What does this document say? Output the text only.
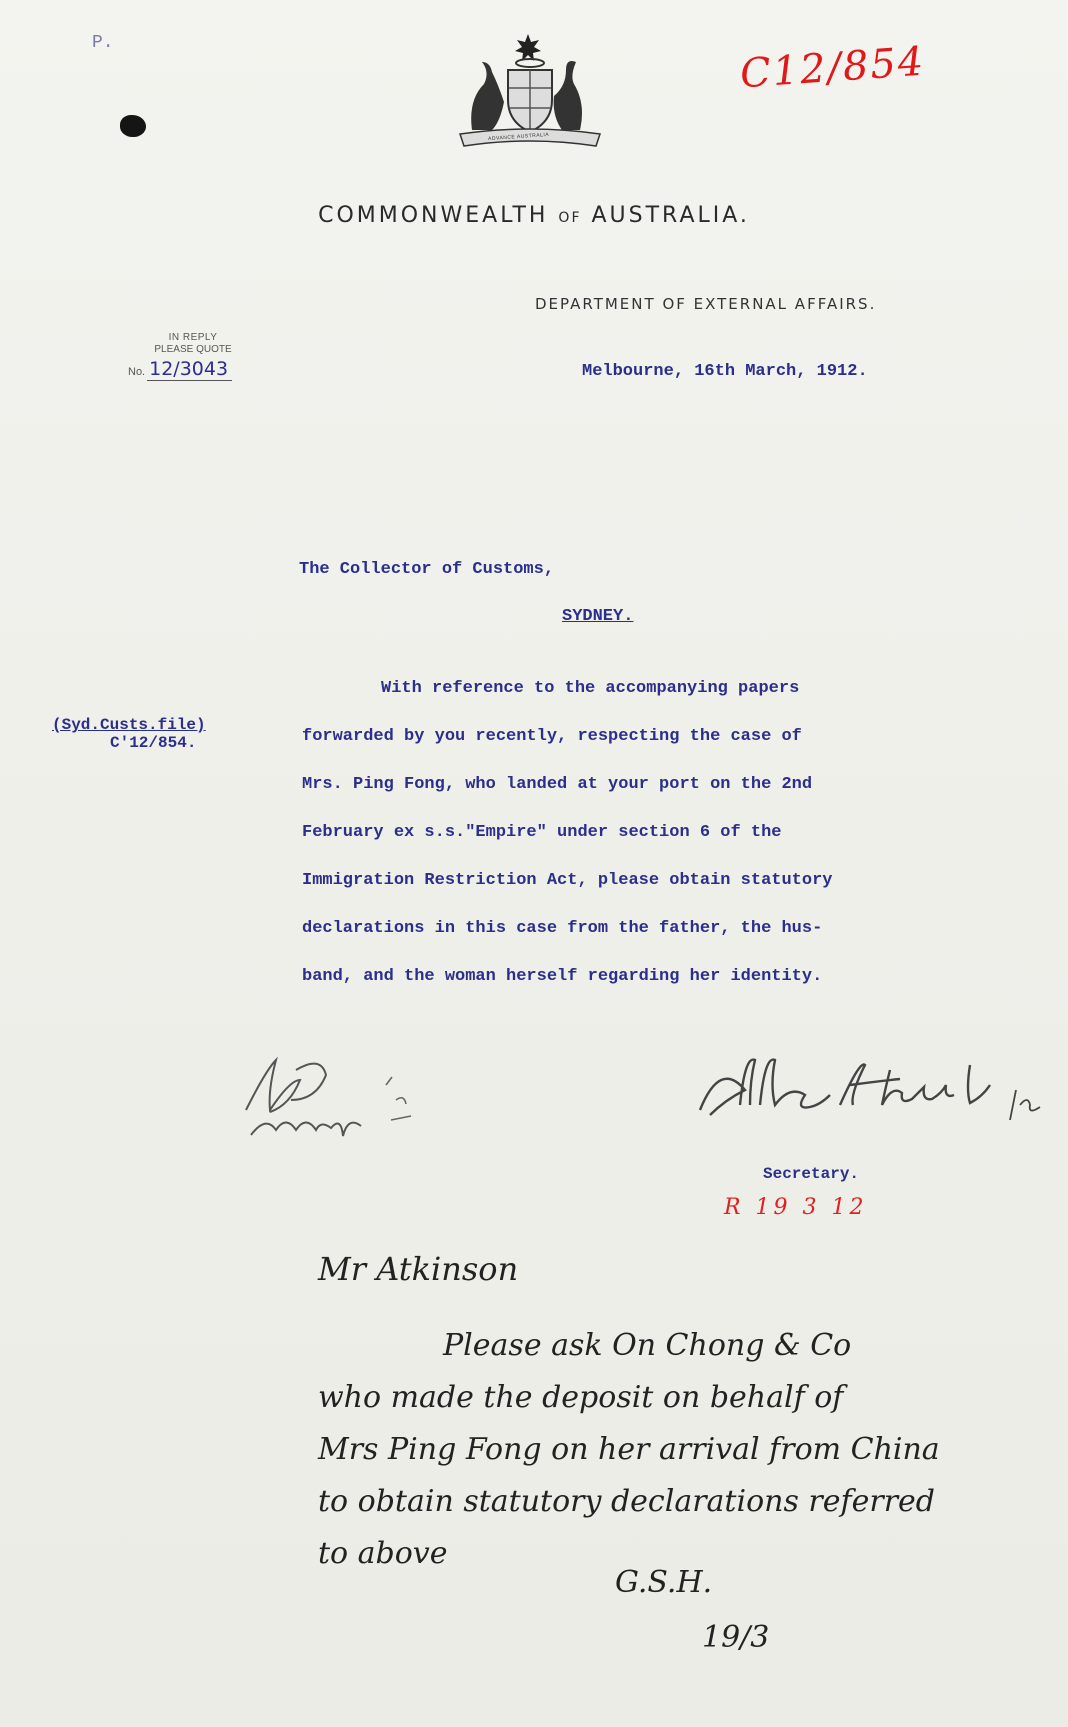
P.
ADVANCE AUSTRALIA
C12/854
COMMONWEALTH OF AUSTRALIA.
DEPARTMENT OF EXTERNAL AFFAIRS.
IN REPLY
PLEASE QUOTE
No. 12/3043	Melbourne, 16th March, 1912.
The Collector of Customs,
SYDNEY.
(Syd.Custs.file)
C'12/854.

With reference to the accompanying papers

forwarded by you recently, respecting the case of

Mrs. Ping Fong, who landed at your port on the 2nd

February ex s.s."Empire" under section 6 of the

Immigration Restriction Act, please obtain statutory

declarations in this case from the father, the hus-

band, and the woman herself regarding her identity.

Secretary.
R 19 3 12
Mr Atkinson
Please ask On Chong & Co
who made the deposit on behalf of
Mrs Ping Fong on her arrival from China
to obtain statutory declarations referred
to above
G.S.H.
19/3
